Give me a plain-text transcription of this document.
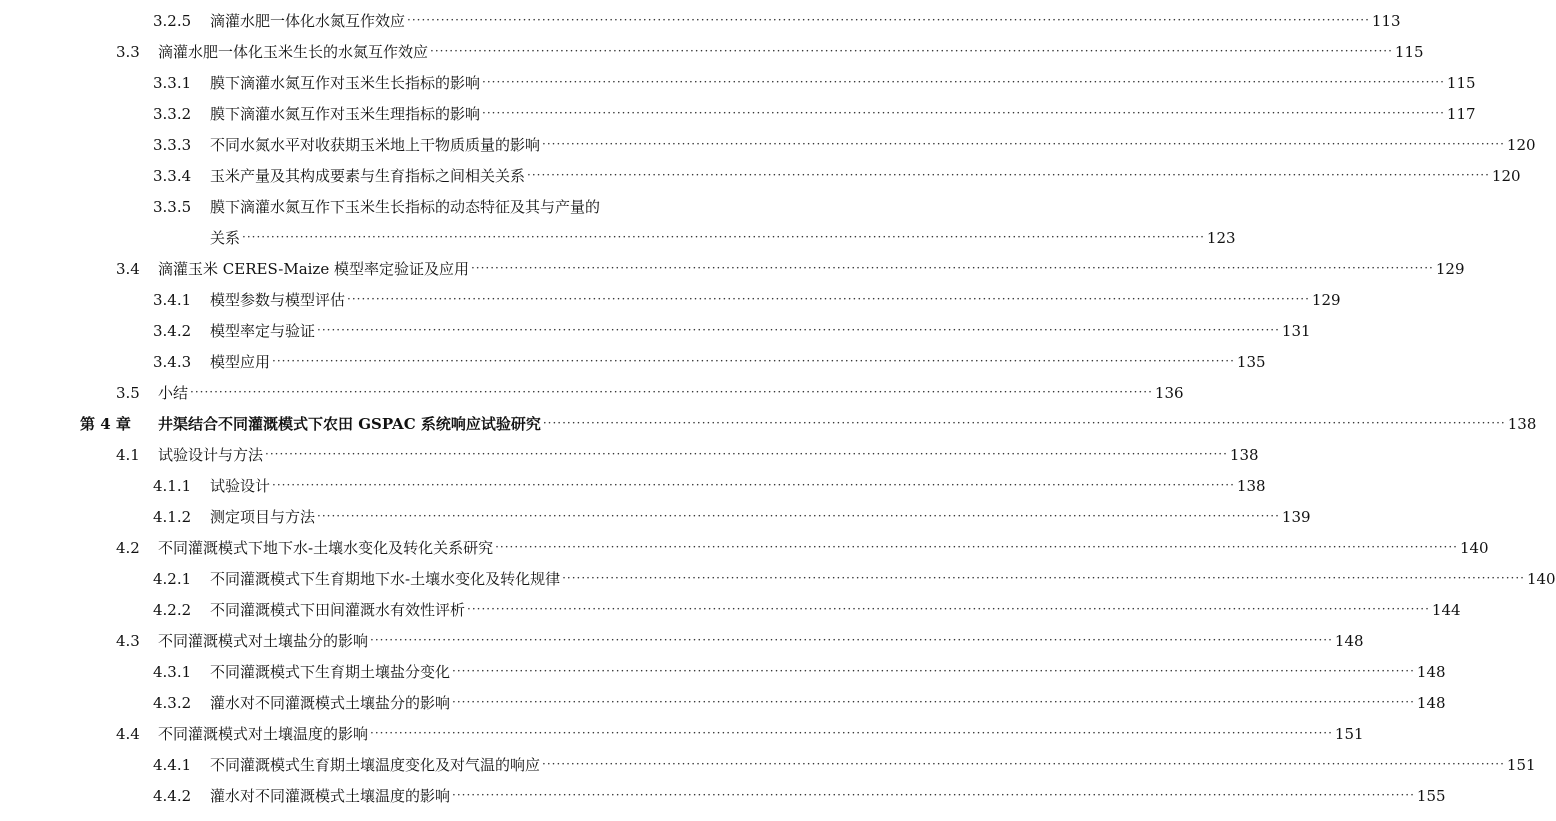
3.2.5	滴灌水肥一体化水氮互作效应 ········································································································································································································ 113
3.3	滴灌水肥一体化玉米生长的水氮互作效应 ········································································································································································································ 115
3.3.1	膜下滴灌水氮互作对玉米生长指标的影响 ········································································································································································································ 115
3.3.2	膜下滴灌水氮互作对玉米生理指标的影响 ········································································································································································································ 117
3.3.3	不同水氮水平对收获期玉米地上干物质质量的影响 ········································································································································································································ 120
3.3.4	玉米产量及其构成要素与生育指标之间相关关系 ········································································································································································································ 120
3.3.5	膜下滴灌水氮互作下玉米生长指标的动态特征及其与产量的
关系 ········································································································································································································ 123
3.4	滴灌玉米 CERES-Maize 模型率定验证及应用 ········································································································································································································ 129
3.4.1	模型参数与模型评估 ········································································································································································································ 129
3.4.2	模型率定与验证 ········································································································································································································ 131
3.4.3	模型应用 ········································································································································································································ 135
3.5	小结 ········································································································································································································ 136
第 4 章	井渠结合不同灌溉模式下农田 GSPAC 系统响应试验研究 ········································································································································································································ 138
4.1	试验设计与方法 ········································································································································································································ 138
4.1.1	试验设计 ········································································································································································································ 138
4.1.2	测定项目与方法 ········································································································································································································ 139
4.2	不同灌溉模式下地下水-土壤水变化及转化关系研究 ········································································································································································································ 140
4.2.1	不同灌溉模式下生育期地下水-土壤水变化及转化规律 ········································································································································································································ 140
4.2.2	不同灌溉模式下田间灌溉水有效性评析 ········································································································································································································ 144
4.3	不同灌溉模式对土壤盐分的影响 ········································································································································································································ 148
4.3.1	不同灌溉模式下生育期土壤盐分变化 ········································································································································································································ 148
4.3.2	灌水对不同灌溉模式土壤盐分的影响 ········································································································································································································ 148
4.4	不同灌溉模式对土壤温度的影响 ········································································································································································································ 151
4.4.1	不同灌溉模式生育期土壤温度变化及对气温的响应 ········································································································································································································ 151
4.4.2	灌水对不同灌溉模式土壤温度的影响 ········································································································································································································ 155
